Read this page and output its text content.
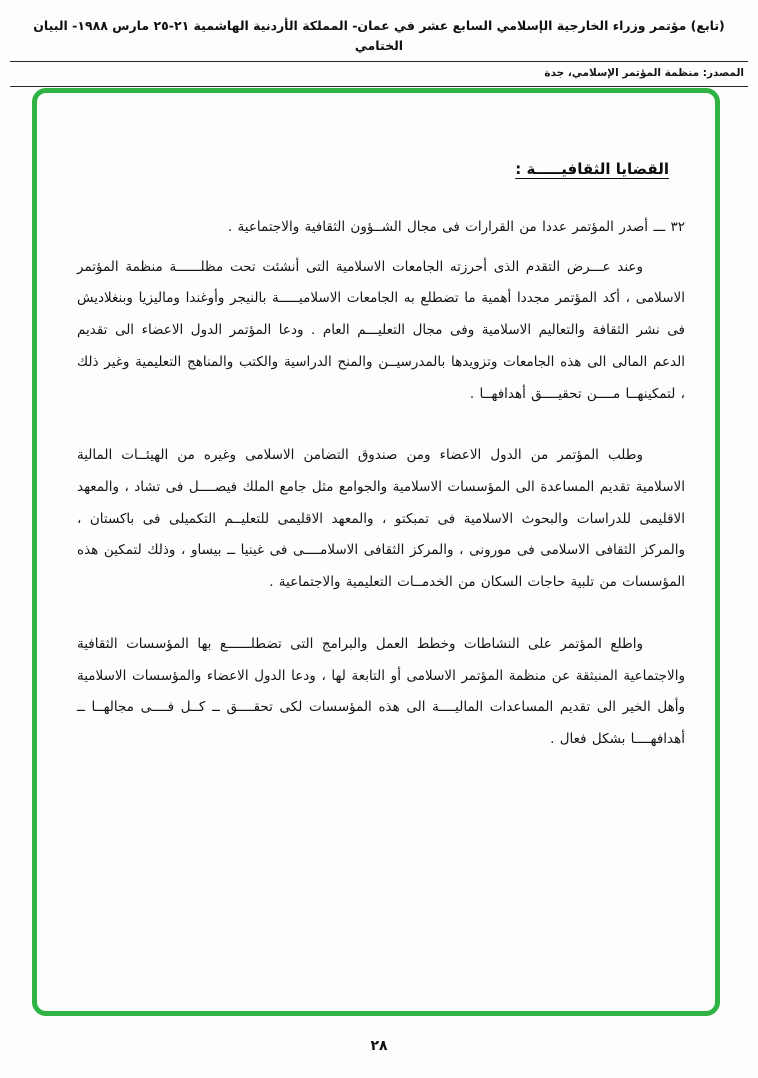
(تابع) مؤتمر وزراء الخارجية الإسلامي السابع عشر في عمان- المملكة الأردنية الهاشمية ٢١-٢٥ مارس ١٩٨٨- البيان الختامي
المصدر: منظمة المؤتمر الإسلامي، جدة
القضايا الثقافيـــــة :

٣٢ ـــ أصدر المؤتمر عددا من القرارات فى مجال الشــؤون الثقافية والاجتماعية .

وعند عـــرض التقدم الذى أحرزته الجامعات الاسلامية التى أنشئت تحت مظلــــــة منظمة المؤتمر الاسلامى ، أكد المؤتمر مجددا أهمية ما تضطلع به الجامعات الاسلاميـــــة بالنيجر وأوغندا وماليزيا وبنغلاديش فى نشر الثقافة والتعاليم الاسلامية وفى مجال التعليـــم العام . ودعا المؤتمر الدول الاعضاء الى تقديم الدعم المالى الى هذه الجامعات وتزويدها بالمدرسيــن والمنح الدراسية والكتب والمناهج التعليمية وغير ذلك ، لتمكينهــا مــــن تحقيــــق أهدافهــا .

وطلب المؤتمر من الدول الاعضاء ومن صندوق التضامن الاسلامى وغيره من الهيئــات المالية الاسلامية تقديم المساعدة الى المؤسسات الاسلامية والجوامع مثل جامع الملك فيصــــل فى تشاد ، والمعهد الاقليمى للدراسات والبحوث الاسلامية فى تمبكتو ، والمعهد الاقليمى للتعليــم التكميلى فى باكستان ، والمركز الثقافى الاسلامى فى مورونى ، والمركز الثقافى الاسلامــــى فى غينيا ــ بيساو ، وذلك لتمكين هذه المؤسسات من تلبية حاجات السكان من الخدمــات التعليمية والاجتماعية .

واطلع المؤتمر على النشاطات وخطط العمل والبرامج التى تضطلــــــع بها المؤسسات الثقافية والاجتماعية المنبثقة عن منظمة المؤتمر الاسلامى أو التابعة لها ، ودعا الدول الاعضاء والمؤسسات الاسلامية وأهل الخير الى تقديم المساعدات الماليــــة الى هذه المؤسسات لكى تحقــــق ــ كــل فــــى مجالهــا ــ أهدافهــــا بشكل فعال .

٢٨
